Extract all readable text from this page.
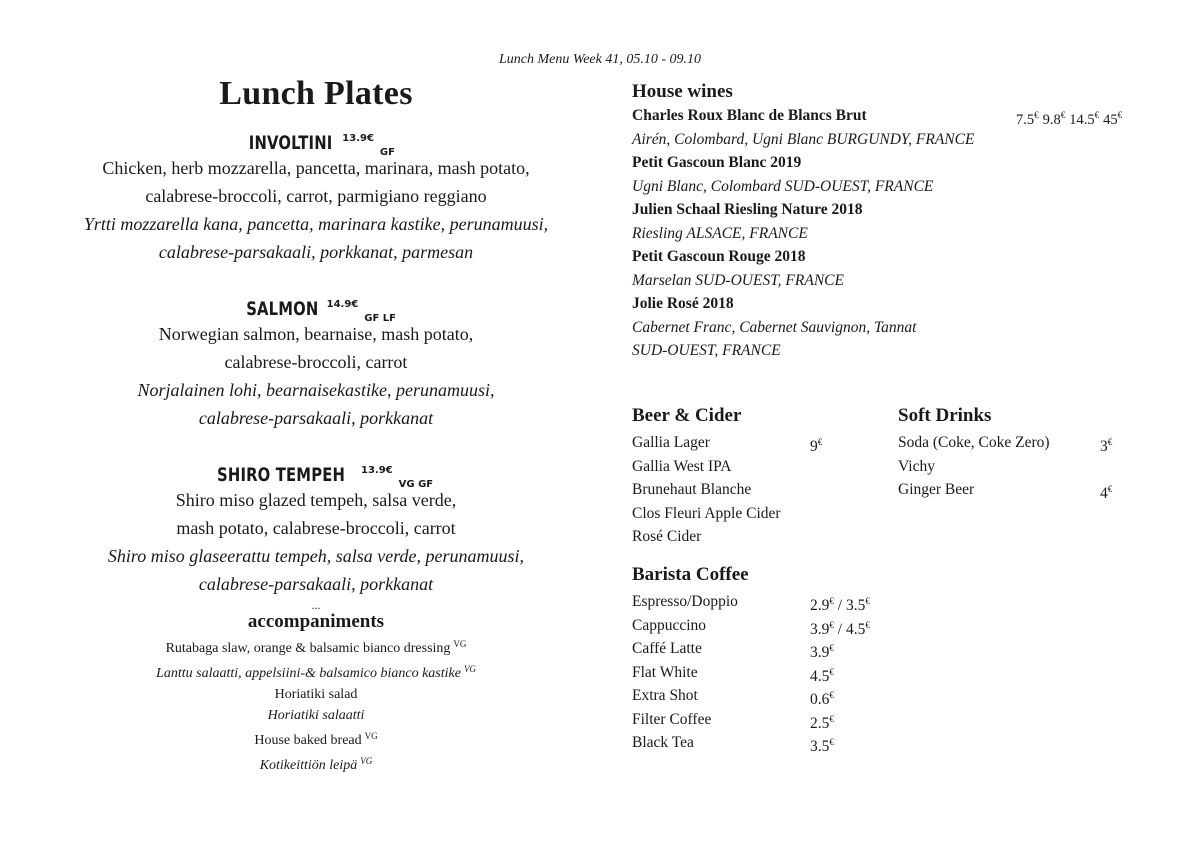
Lunch Menu Week 41, 05.10 - 09.10
Lunch Plates
INVOLTINI $^{13.9€}$ $_{GF}$
Chicken, herb mozzarella, pancetta, marinara, mash potato,
calabrese-broccoli, carrot, parmigiano reggiano
Yrtti mozzarella kana, pancetta, marinara kastike, perunamuusi,
calabrese-parsakaali, porkkanat, parmesan
SALMON $^{14.9€}$ $_{GF LF}$
Norwegian salmon, bearnaise, mash potato,
calabrese-broccoli, carrot
Norjalainen lohi, bearnaisekastike, perunamuusi,
calabrese-parsakaali, porkkanat
SHIRO TEMPEH $^{13.9€}$ $_{VG GF}$
Shiro miso glazed tempeh, salsa verde,
mash potato, calabrese-broccoli, carrot
Shiro miso glaseerattu tempeh, salsa verde, perunamuusi,
calabrese-parsakaali, porkkanat
...
accompaniments
Rutabaga slaw, orange & balsamic bianco dressing $^{VG}$
Lanttu salaatti, appelsiini-& balsamico bianco kastike $^{VG}$
Horiatiki salad
Horiatiki salaatti
House baked bread $^{VG}$
Kotikeittiön leipä $^{VG}$
House wines
Charles Roux Blanc de Blancs Brut	7.5€ 9.8€ 14.5€ 45€
Airén, Colombard, Ugni Blanc BURGUNDY, FRANCE
Petit Gascoun Blanc 2019
Ugni Blanc, Colombard SUD-OUEST, FRANCE
Julien Schaal Riesling Nature 2018
Riesling ALSACE, FRANCE
Petit Gascoun Rouge 2018
Marselan SUD-OUEST, FRANCE
Jolie Rosé 2018
Cabernet Franc, Cabernet Sauvignon, Tannat
SUD-OUEST, FRANCE
Beer & Cider
Gallia Lager	9€
Gallia West IPA
Brunehaut Blanche
Clos Fleuri Apple Cider
Rosé Cider
Soft Drinks
Soda (Coke, Coke Zero)	3€
Vichy
Ginger Beer	4€
Barista Coffee
Espresso/Doppio	2.9€ / 3.5€
Cappuccino	3.9€ / 4.5€
Caffé Latte	3.9€
Flat White	4.5€
Extra Shot	0.6€
Filter Coffee	2.5€
Black Tea	3.5€
